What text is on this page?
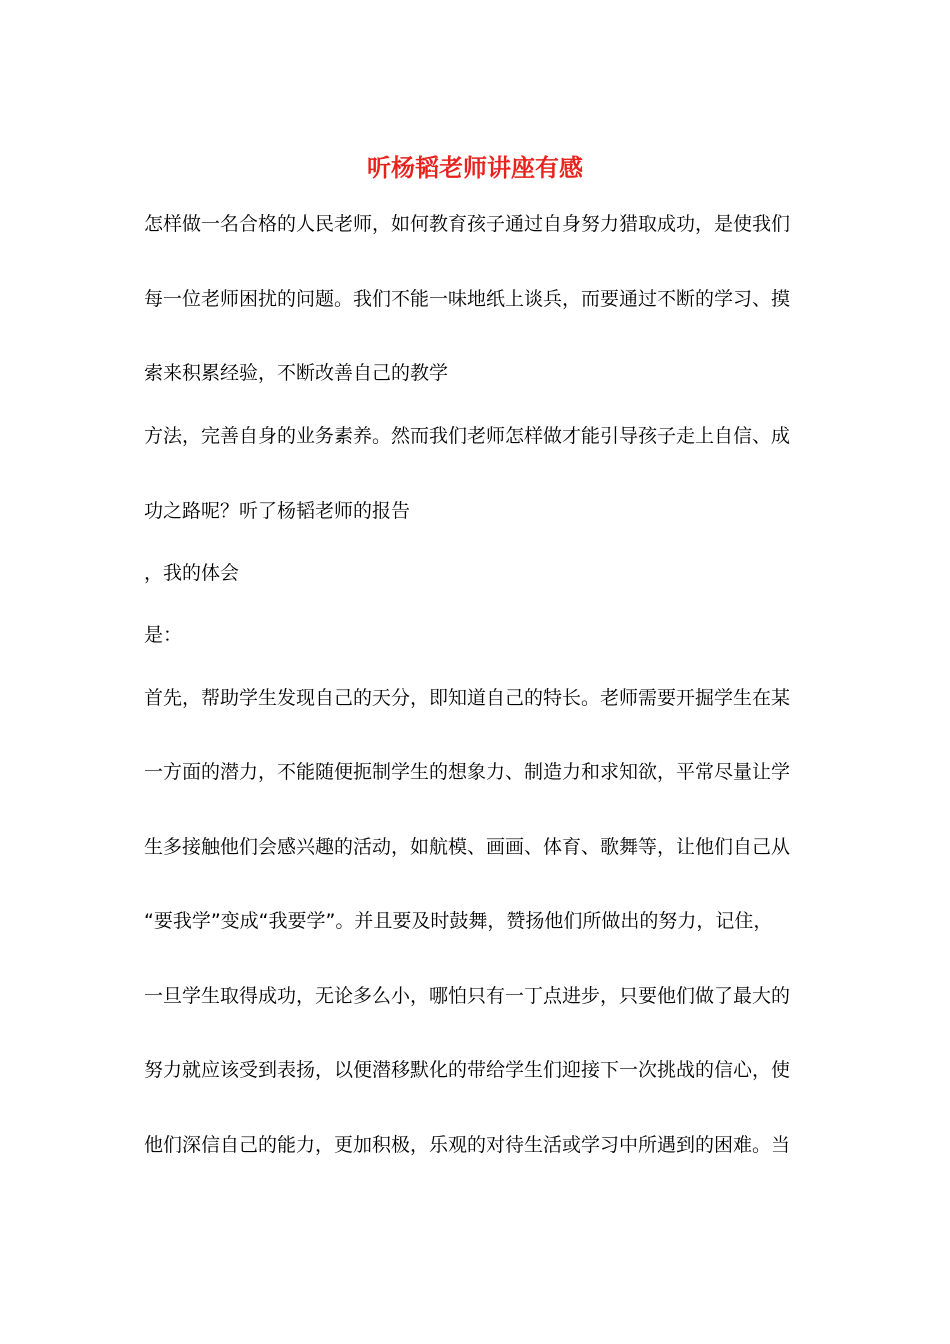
听杨韬老师讲座有感
怎样做一名合格的人民老师，如何教育孩子通过自身努力猎取成功，是使我们
每一位老师困扰的问题。我们不能一味地纸上谈兵，而要通过不断的学习、摸
索来积累经验，不断改善自己的教学
方法，完善自身的业务素养。然而我们老师怎样做才能引导孩子走上自信、成
功之路呢？听了杨韬老师的报告
，我的体会
是：
首先，帮助学生发现自己的天分，即知道自己的特长。老师需要开掘学生在某
一方面的潜力，不能随便扼制学生的想象力、制造力和求知欲，平常尽量让学
生多接触他们会感兴趣的活动，如航模、画画、体育、歌舞等，让他们自己从
“要我学”变成“我要学”。并且要及时鼓舞，赞扬他们所做出的努力，记住，
一旦学生取得成功，无论多么小，哪怕只有一丁点进步，只要他们做了最大的
努力就应该受到表扬，以便潜移默化的带给学生们迎接下一次挑战的信心，使
他们深信自己的能力，更加积极，乐观的对待生活或学习中所遇到的困难。当
